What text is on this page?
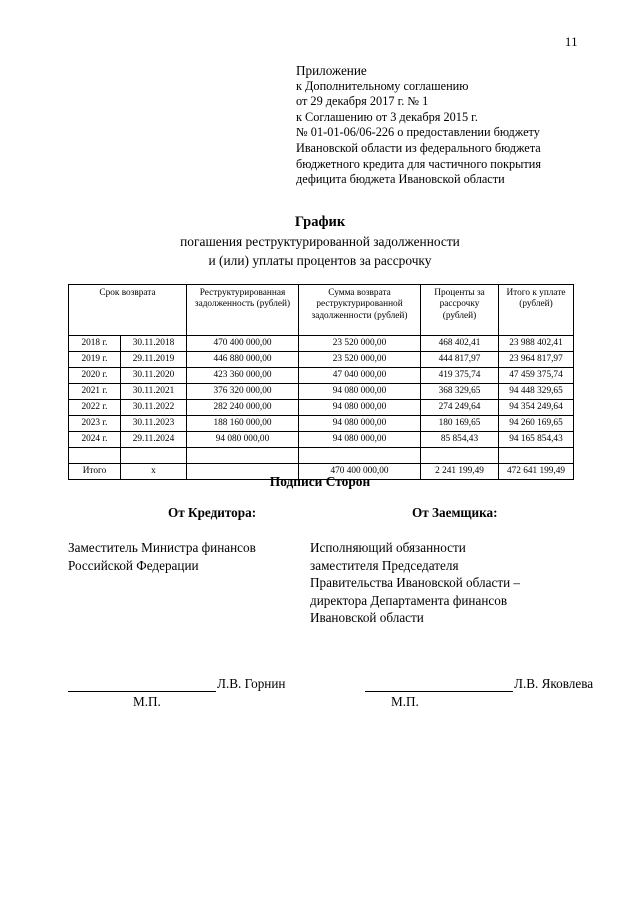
11
Приложение
к Дополнительному соглашению
от 29 декабря 2017 г. № 1
к Соглашению от 3 декабря 2015 г.
№ 01-01-06/06-226 о предоставлении бюджету
Ивановской области из федерального бюджета
бюджетного кредита для частичного покрытия
дефицита бюджета Ивановской области
График
погашения реструктурированной задолженности
и (или) уплаты процентов за рассрочку
Срок возврата		Реструктурированная задолженность (рублей)	Сумма возврата реструктурированной задолженности (рублей)	Проценты за рассрочку (рублей)	Итого к уплате (рублей)
2018 г.	30.11.2018	470 400 000,00	23 520 000,00	468 402,41	23 988 402,41
2019 г.	29.11.2019	446 880 000,00	23 520 000,00	444 817,97	23 964 817,97
2020 г.	30.11.2020	423 360 000,00	47 040 000,00	419 375,74	47 459 375,74
2021 г.	30.11.2021	376 320 000,00	94 080 000,00	368 329,65	94 448 329,65
2022 г.	30.11.2022	282 240 000,00	94 080 000,00	274 249,64	94 354 249,64
2023 г.	30.11.2023	188 160 000,00	94 080 000,00	180 169,65	94 260 169,65
2024 г.	29.11.2024	94 080 000,00	94 080 000,00	85 854,43	94 165 854,43

Итого	x		470 400 000,00	2 241 199,49	472 641 199,49
Подписи Сторон
От Кредитора:	От Заемщика:
Заместитель Министра финансов
Российской Федерации
Исполняющий обязанности
заместителя Председателя
Правительства Ивановской области –
директора Департамента финансов
Ивановской области
Л.В. Горнин
М.П.
Л.В. Яковлева
М.П.
